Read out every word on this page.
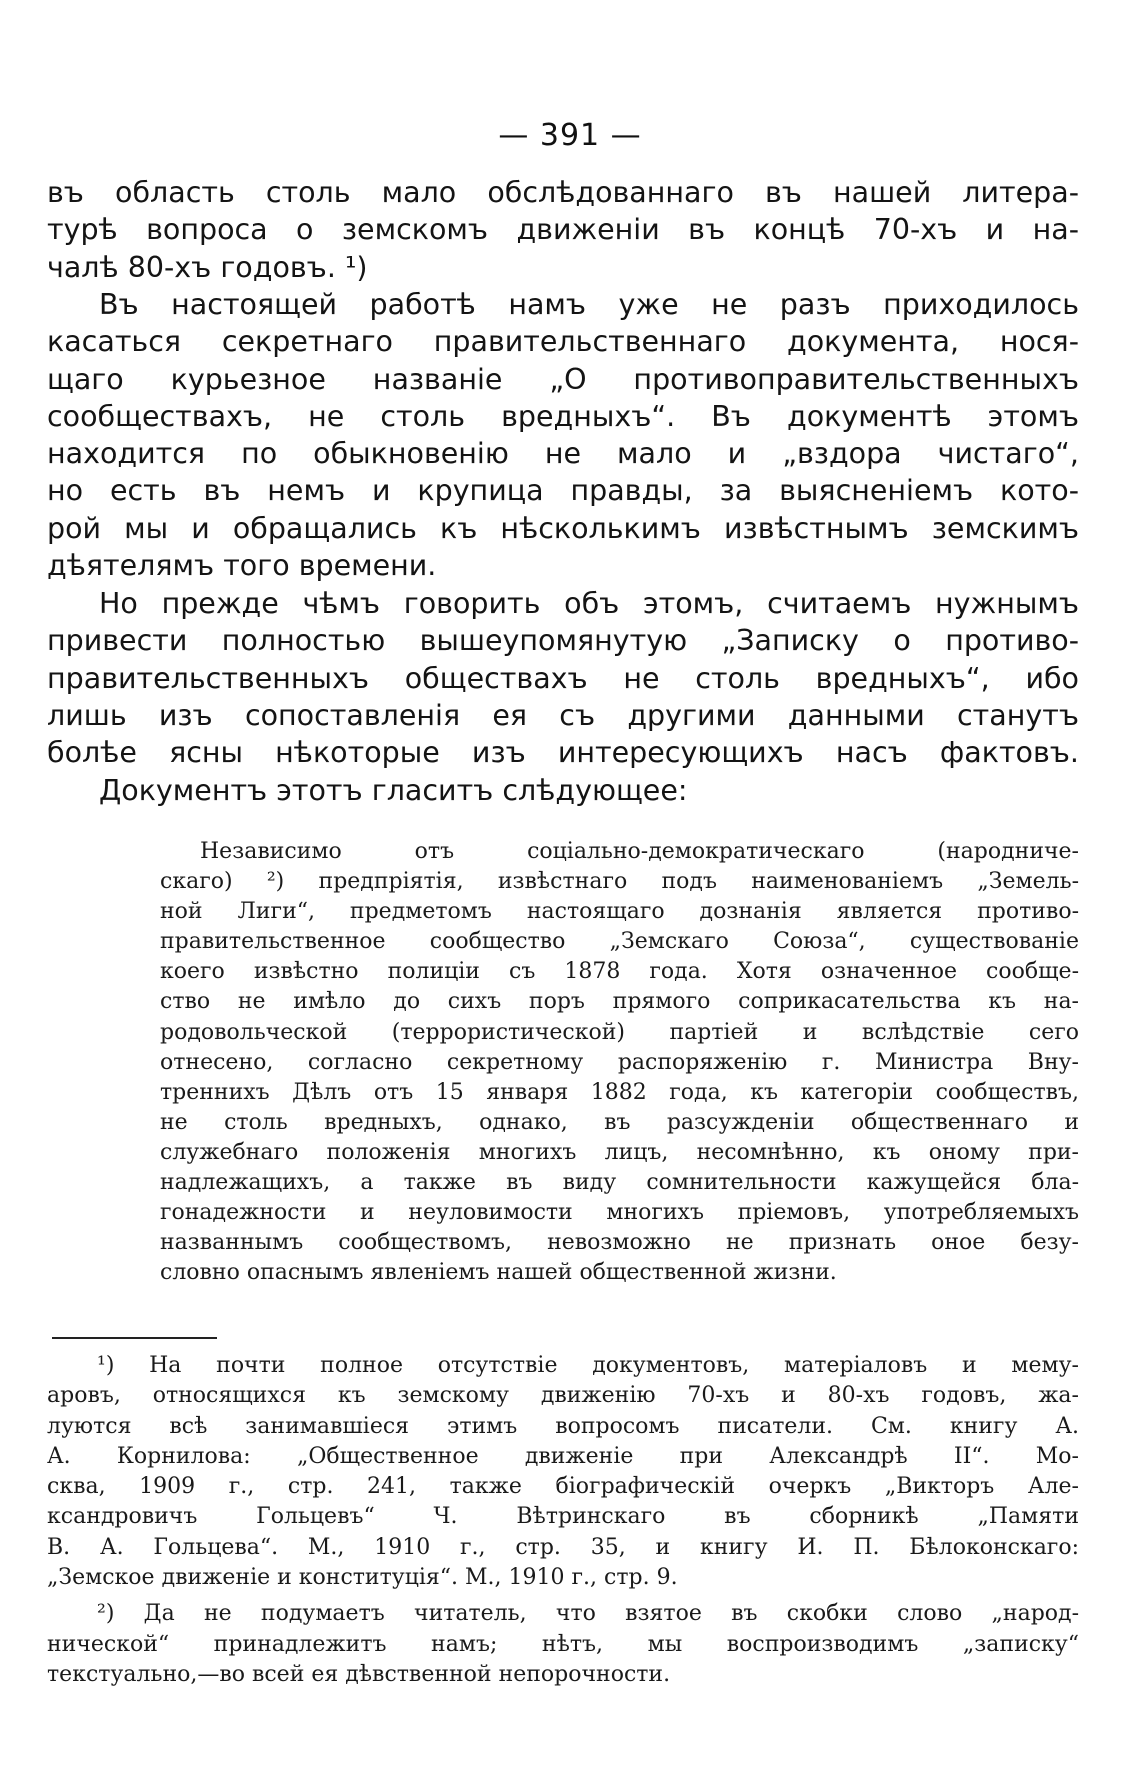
— 391 —
въ область столь мало обслѣдованнаго въ нашей литера-
турѣ вопроса о земскомъ движеніи въ концѣ 70-хъ и на-
чалѣ 80-хъ годовъ. ¹)
Въ настоящей работѣ намъ уже не разъ приходилось
касаться секретнаго правительственнаго документа, нося-
щаго курьезное названіе „О противоправительственныхъ
сообществахъ, не столь вредныхъ“. Въ документѣ этомъ
находится по обыкновенію не мало и „вздора чистаго“,
но есть въ немъ и крупица правды, за выясненіемъ кото-
рой мы и обращались къ нѣсколькимъ извѣстнымъ земскимъ
дѣятелямъ того времени.
Но прежде чѣмъ говорить объ этомъ, считаемъ нужнымъ
привести полностью вышеупомянутую „Записку о противо-
правительственныхъ обществахъ не столь вредныхъ“, ибо
лишь изъ сопоставленія ея съ другими данными станутъ
болѣе ясны нѣкоторые изъ интересующихъ насъ фактовъ.
Документъ этотъ гласитъ слѣдующее:
Независимо отъ соціально-демократическаго (народниче-
скаго) ²) предпріятія, извѣстнаго подъ наименованіемъ „Земель-
ной Лиги“, предметомъ настоящаго дознанія является противо-
правительственное сообщество „Земскаго Союза“, существованіе
коего извѣстно полиціи съ 1878 года. Хотя означенное сообще-
ство не имѣло до сихъ поръ прямого соприкасательства къ на-
родовольческой (террористической) партіей и вслѣдствіе сего
отнесено, согласно секретному распоряженію г. Министра Вну-
треннихъ Дѣлъ отъ 15 января 1882 года, къ категоріи сообществъ,
не столь вредныхъ, однако, въ разсужденіи общественнаго и
служебнаго положенія многихъ лицъ, несомнѣнно, къ оному при-
надлежащихъ, а также въ виду сомнительности кажущейся бла-
гонадежности и неуловимости многихъ пріемовъ, употребляемыхъ
названнымъ сообществомъ, невозможно не признать оное безу-
словно опаснымъ явленіемъ нашей общественной жизни.
¹) На почти полное отсутствіе документовъ, матеріаловъ и мему-
аровъ, относящихся къ земскому движенію 70-хъ и 80-хъ годовъ, жа-
луются всѣ занимавшіеся этимъ вопросомъ писатели. См. книгу А.
А. Корнилова: „Общественное движеніе при Александрѣ II“. Мо-
сква, 1909 г., стр. 241, также біографическій очеркъ „Викторъ Але-
ксандровичъ Гольцевъ“ Ч. Вѣтринскаго въ сборникѣ „Памяти
В. А. Гольцева“. М., 1910 г., стр. 35, и книгу И. П. Бѣлоконскаго:
„Земское движеніе и конституція“. М., 1910 г., стр. 9.
²) Да не подумаетъ читатель, что взятое въ скобки слово „народ-
нической“ принадлежитъ намъ; нѣтъ, мы воспроизводимъ „записку“
текстуально,—во всей ея дѣвственной непорочности.
